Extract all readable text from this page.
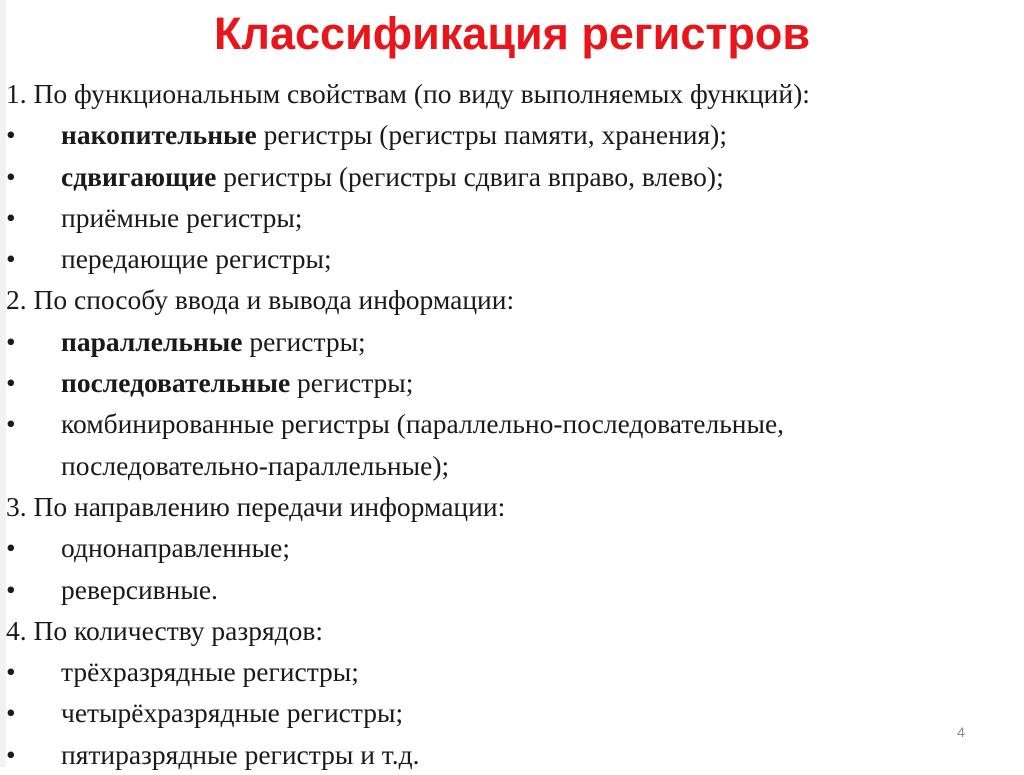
Классификация регистров
1. По функциональным свойствам (по виду выполняемых функций):
• накопительные регистры (регистры памяти, хранения);
• сдвигающие регистры (регистры сдвига вправо, влево);
• приёмные регистры;
• передающие регистры;
2. По способу ввода и вывода информации:
• параллельные регистры;
• последовательные регистры;
• комбинированные регистры (параллельно-последовательные,
последовательно-параллельные);
3. По направлению передачи информации:
• однонаправленные;
• реверсивные.
4. По количеству разрядов:
• трёхразрядные регистры;
• четырёхразрядные регистры;
• пятиразрядные регистры и т.д.
4
